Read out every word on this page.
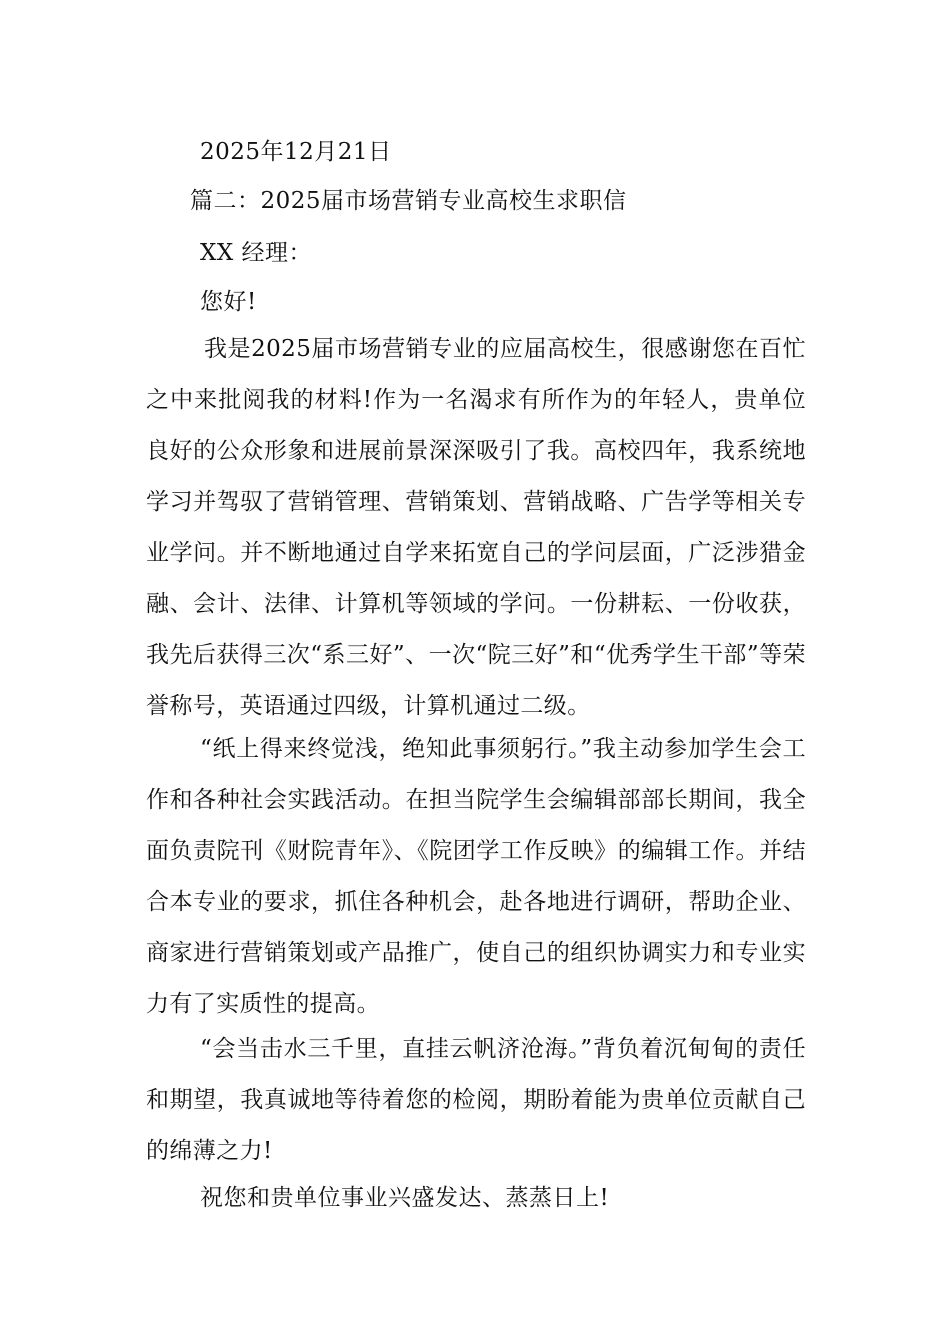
2025年12月21日
篇二：2025届市场营销专业高校生求职信
XX 经理：
您好!

我是2025届市场营销专业的应届高校生，很感谢您在百忙之中来批阅我的材料!作为一名渴求有所作为的年轻人，贵单位良好的公众形象和进展前景深深吸引了我。高校四年，我系统地学习并驾驭了营销管理、营销策划、营销战略、广告学等相关专业学问。并不断地通过自学来拓宽自己的学问层面，广泛涉猎金融、会计、法律、计算机等领域的学问。一份耕耘、一份收获，我先后获得三次“系三好”、一次“院三好”和“优秀学生干部”等荣誉称号，英语通过四级，计算机通过二级。

“纸上得来终觉浅，绝知此事须躬行。”我主动参加学生会工作和各种社会实践活动。在担当院学生会编辑部部长期间，我全面负责院刊《财院青年》、《院团学工作反映》的编辑工作。并结合本专业的要求，抓住各种机会，赴各地进行调研，帮助企业、商家进行营销策划或产品推广，使自己的组织协调实力和专业实力有了实质性的提高。

“会当击水三千里，直挂云帆济沧海。”背负着沉甸甸的责任和期望，我真诚地等待着您的检阅，期盼着能为贵单位贡献自己的绵薄之力!

祝您和贵单位事业兴盛发达、蒸蒸日上!
